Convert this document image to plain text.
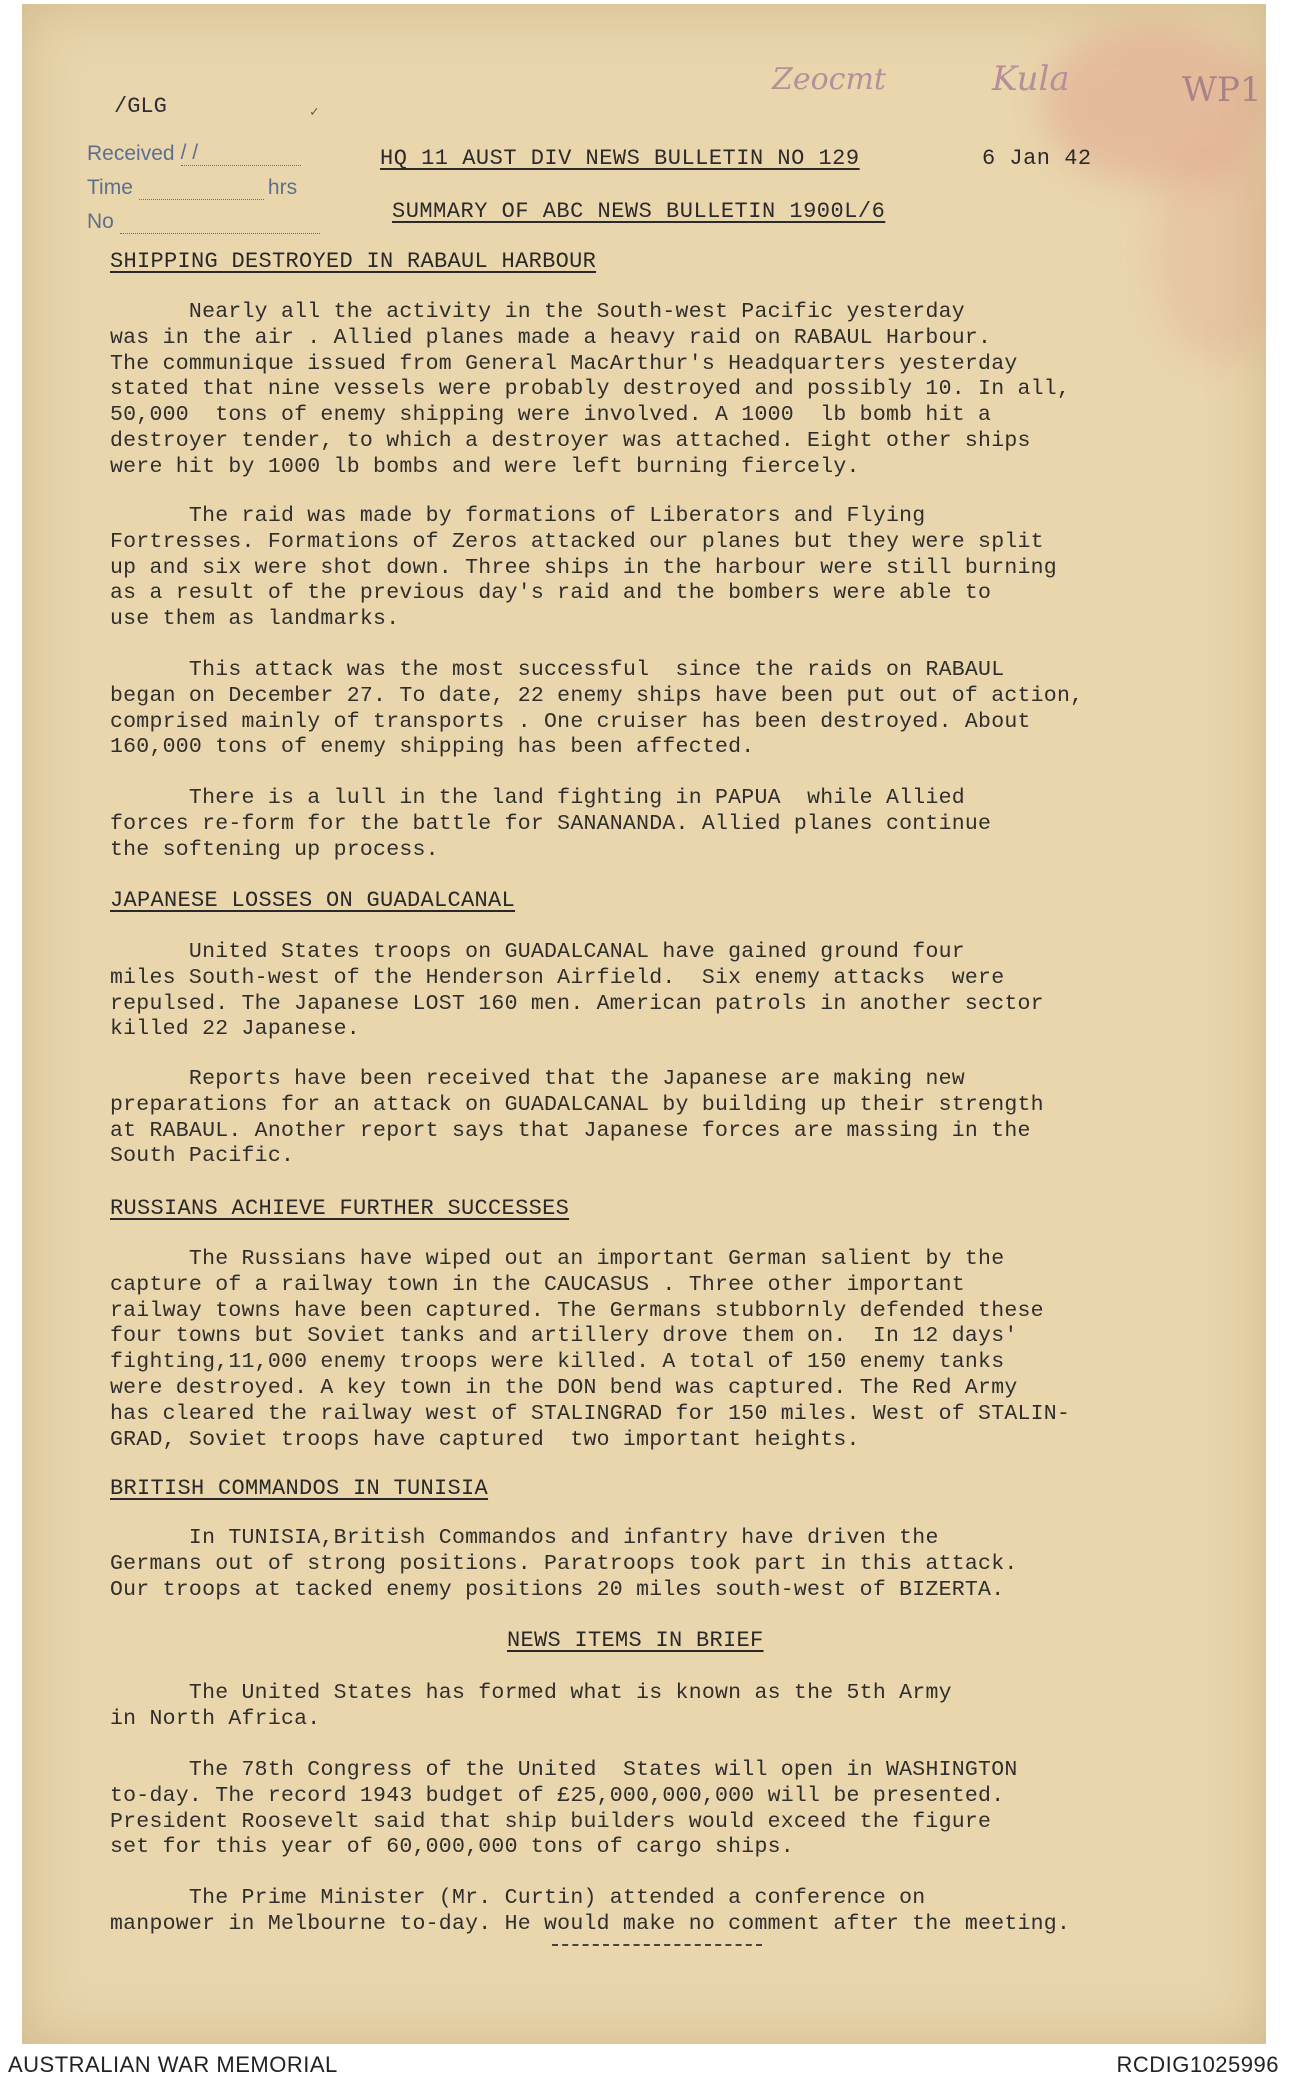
/GLG	✓
Received / /
Time	hrs
No
Zeocmt	Kula	WP1
HQ 11 AUST DIV NEWS BULLETIN NO 129	6 Jan 42
SUMMARY OF ABC NEWS BULLETIN 1900L/6
SHIPPING DESTROYED IN RABAUL HARBOUR
Nearly all the activity in the South-west Pacific yesterday
was in the air . Allied planes made a heavy raid on RABAUL Harbour.
The communique issued from General MacArthur's Headquarters yesterday
stated that nine vessels were probably destroyed and possibly 10. In all,
50,000  tons of enemy shipping were involved. A 1000  lb bomb hit a
destroyer tender, to which a destroyer was attached. Eight other ships
were hit by 1000 lb bombs and were left burning fiercely.
The raid was made by formations of Liberators and Flying
Fortresses. Formations of Zeros attacked our planes but they were split
up and six were shot down. Three ships in the harbour were still burning
as a result of the previous day's raid and the bombers were able to
use them as landmarks.
This attack was the most successful  since the raids on RABAUL
began on December 27. To date, 22 enemy ships have been put out of action,
comprised mainly of transports . One cruiser has been destroyed. About
160,000 tons of enemy shipping has been affected.
There is a lull in the land fighting in PAPUA  while Allied
forces re-form for the battle for SANANANDA. Allied planes continue
the softening up process.
JAPANESE LOSSES ON GUADALCANAL
United States troops on GUADALCANAL have gained ground four
miles South-west of the Henderson Airfield.  Six enemy attacks  were
repulsed. The Japanese LOST 160 men. American patrols in another sector
killed 22 Japanese.
Reports have been received that the Japanese are making new
preparations for an attack on GUADALCANAL by building up their strength
at RABAUL. Another report says that Japanese forces are massing in the
South Pacific.
RUSSIANS ACHIEVE FURTHER SUCCESSES
The Russians have wiped out an important German salient by the
capture of a railway town in the CAUCASUS . Three other important
railway towns have been captured. The Germans stubbornly defended these
four towns but Soviet tanks and artillery drove them on.  In 12 days'
fighting,11,000 enemy troops were killed. A total of 150 enemy tanks
were destroyed. A key town in the DON bend was captured. The Red Army
has cleared the railway west of STALINGRAD for 150 miles. West of STALIN-
GRAD, Soviet troops have captured  two important heights.
BRITISH COMMANDOS IN TUNISIA
In TUNISIA,British Commandos and infantry have driven the
Germans out of strong positions. Paratroops took part in this attack.
Our troops at tacked enemy positions 20 miles south-west of BIZERTA.
NEWS ITEMS IN BRIEF
The United States has formed what is known as the 5th Army
in North Africa.
The 78th Congress of the United  States will open in WASHINGTON
to-day. The record 1943 budget of £25,000,000,000 will be presented.
President Roosevelt said that ship builders would exceed the figure
set for this year of 60,000,000 tons of cargo ships.
The Prime Minister (Mr. Curtin) attended a conference on
manpower in Melbourne to-day. He would make no comment after the meeting.
AUSTRALIAN WAR MEMORIAL	RCDIG1025996
